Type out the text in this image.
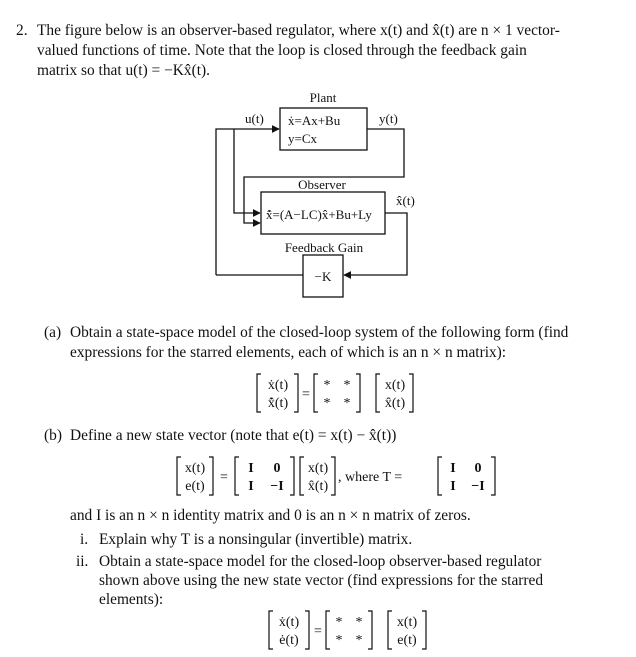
2. The figure below is an observer-based regulator, where x(t) and x̂(t) are n × 1 vector-
valued functions of time. Note that the loop is closed through the feedback gain
matrix so that u(t) = −Kx̂(t).
Plant
ẋ=Ax+Bu
y=Cx
u(t)	y(t)
Observer
x̂̇=(A−LC)x̂+Bu+Ly
x̂(t)
Feedback Gain
−K
(a) Obtain a state-space model of the closed-loop system of the following form (find
expressions for the starred elements, each of which is an n × n matrix):
ẋ(t)
x̂̇(t)
=
* *
* *
x(t)
x̂(t)
(b) Define a new state vector (note that e(t) = x(t) − x̂(t))
x(t)
e(t)
=
I 0
I −I
x(t)
x̂(t)
, where T =
I 0
I −I
and I is an n × n identity matrix and 0 is an n × n matrix of zeros.
i. Explain why T is a nonsingular (invertible) matrix.
ii. Obtain a state-space model for the closed-loop observer-based regulator
shown above using the new state vector (find expressions for the starred
elements):
ẋ(t)
ė(t)
=
* *
* *
x(t)
e(t)
